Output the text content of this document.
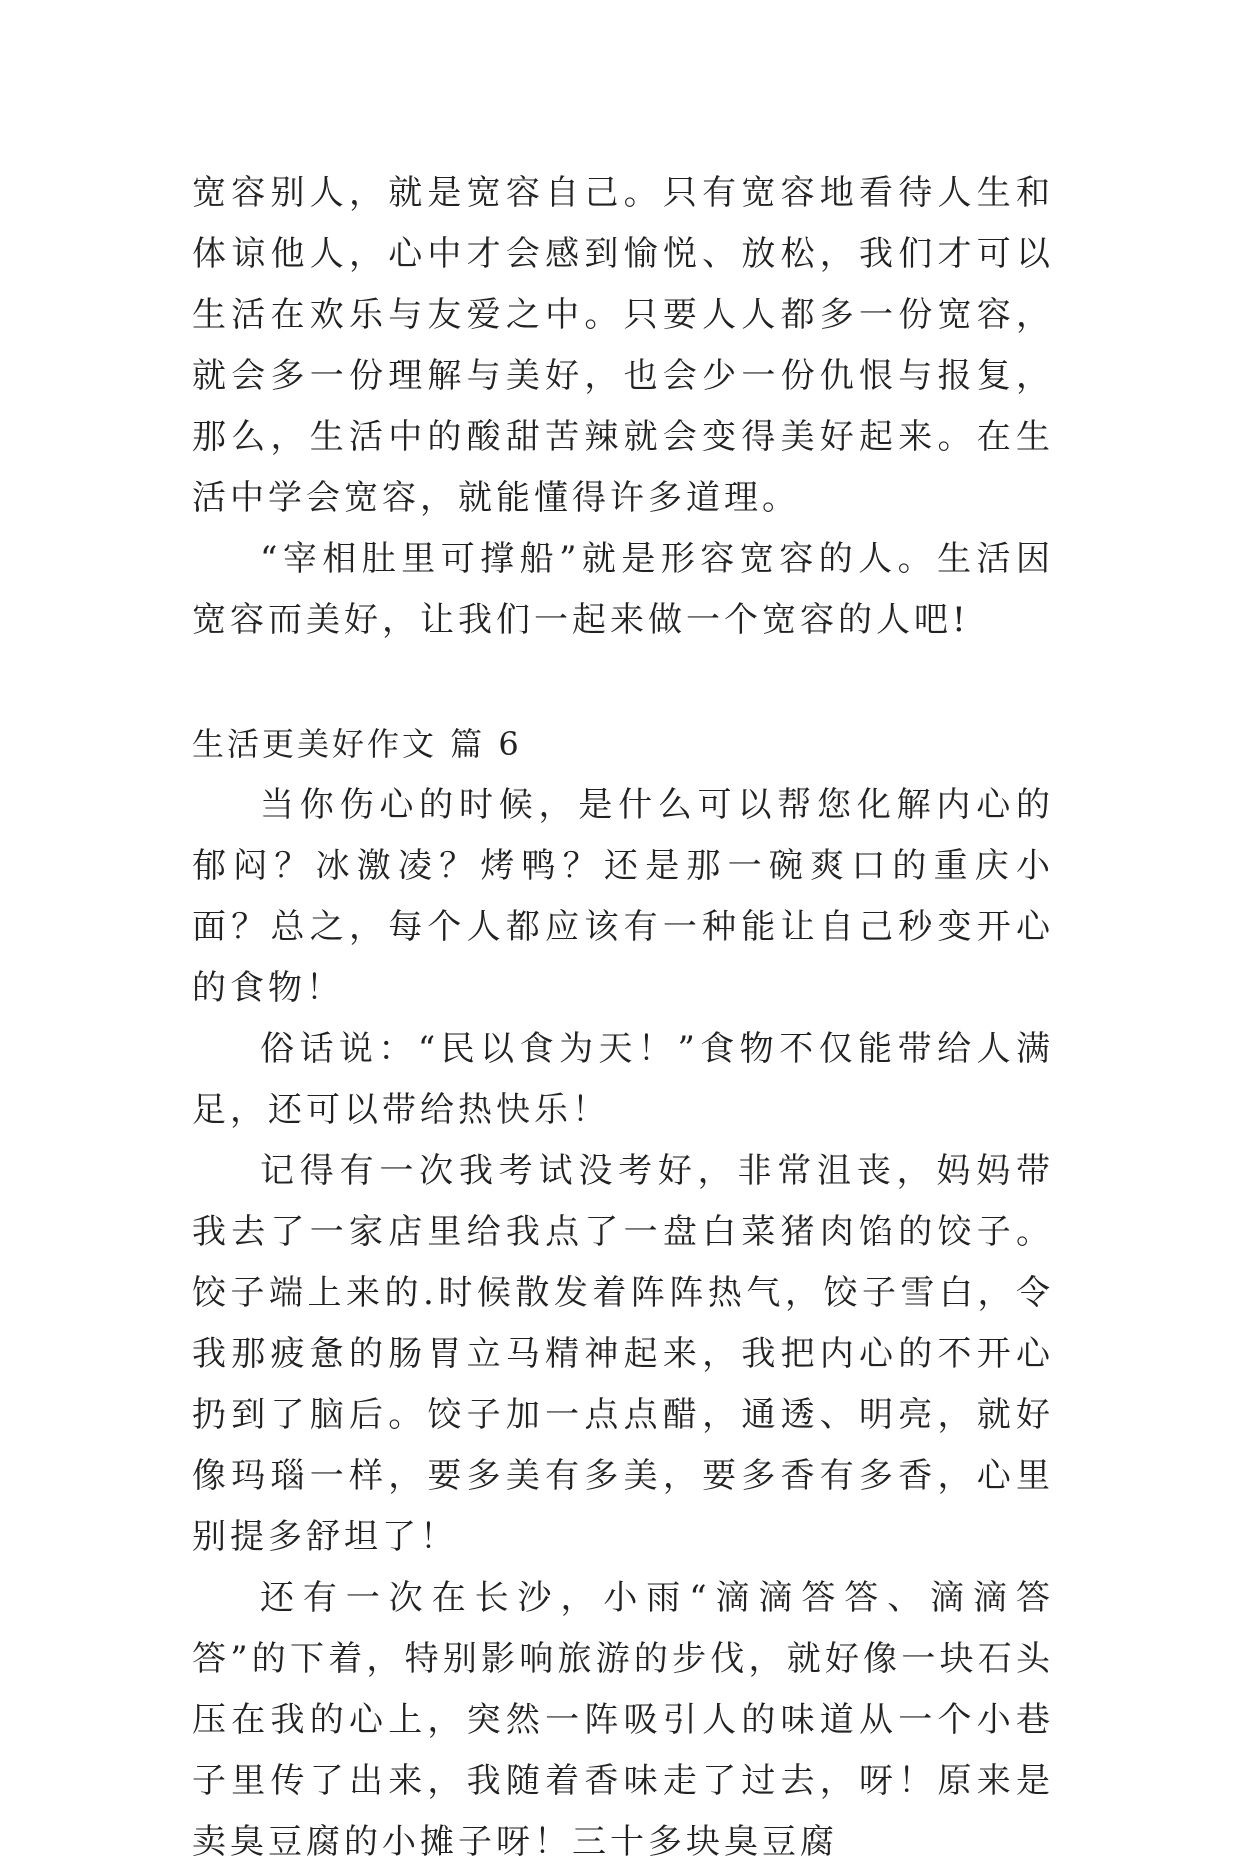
宽容别人，就是宽容自己。只有宽容地看待人生和体谅他人，心中才会感到愉悦、放松，我们才可以生活在欢乐与友爱之中。只要人人都多一份宽容，就会多一份理解与美好，也会少一份仇恨与报复，那么，生活中的酸甜苦辣就会变得美好起来。在生活中学会宽容，就能懂得许多道理。

“宰相肚里可撑船”就是形容宽容的人。生活因宽容而美好，让我们一起来做一个宽容的人吧!

生活更美好作文 篇 6

当你伤心的时候，是什么可以帮您化解内心的郁闷？冰激凌？烤鸭？还是那一碗爽口的重庆小面？总之，每个人都应该有一种能让自己秒变开心的食物！

俗话说：“民以食为天！”食物不仅能带给人满足，还可以带给热快乐！

记得有一次我考试没考好，非常沮丧，妈妈带我去了一家店里给我点了一盘白菜猪肉馅的饺子。饺子端上来的.时候散发着阵阵热气，饺子雪白，令我那疲惫的肠胃立马精神起来，我把内心的不开心扔到了脑后。饺子加一点点醋，通透、明亮，就好像玛瑙一样，要多美有多美，要多香有多香，心里别提多舒坦了！

还有一次在长沙，小雨“滴滴答答、滴滴答答”的下着，特别影响旅游的步伐，就好像一块石头压在我的心上，突然一阵吸引人的味道从一个小巷子里传了出来，我随着香味走了过去，呀！原来是卖臭豆腐的小摊子呀！三十多块臭豆腐
